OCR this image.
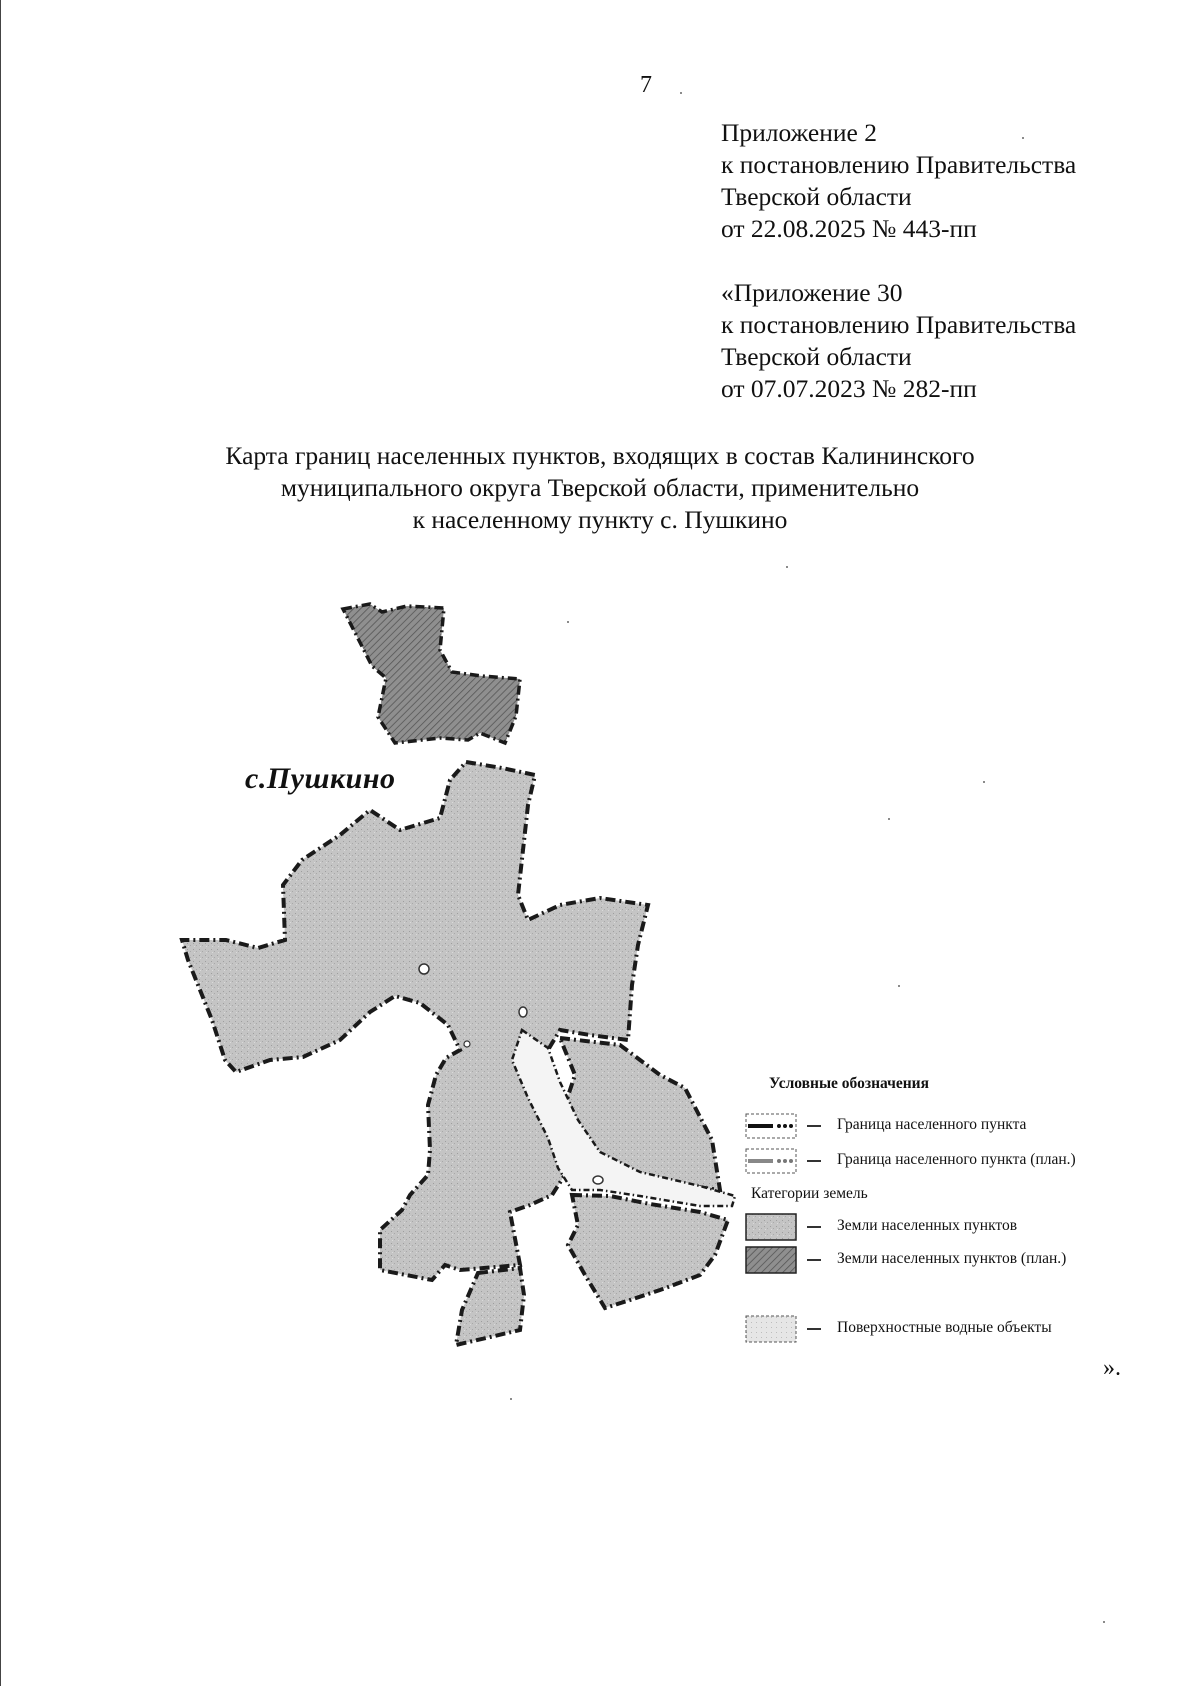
7
Приложение 2
к постановлению Правительства
Тверской области
от 22.08.2025 № 443-пп
«Приложение 30
к постановлению Правительства
Тверской области
от 07.07.2023 № 282-пп
Карта границ населенных пунктов, входящих в состав Калининского
муниципального округа Тверской области, применительно
к населенному пункту с. Пушкино
с.Пушкино
Условные обозначения
Граница населенного пункта
Граница населенного пункта (план.)
Категории земель
Земли населенных пунктов
Земли населенных пунктов (план.)
Поверхностные водные объекты
».
